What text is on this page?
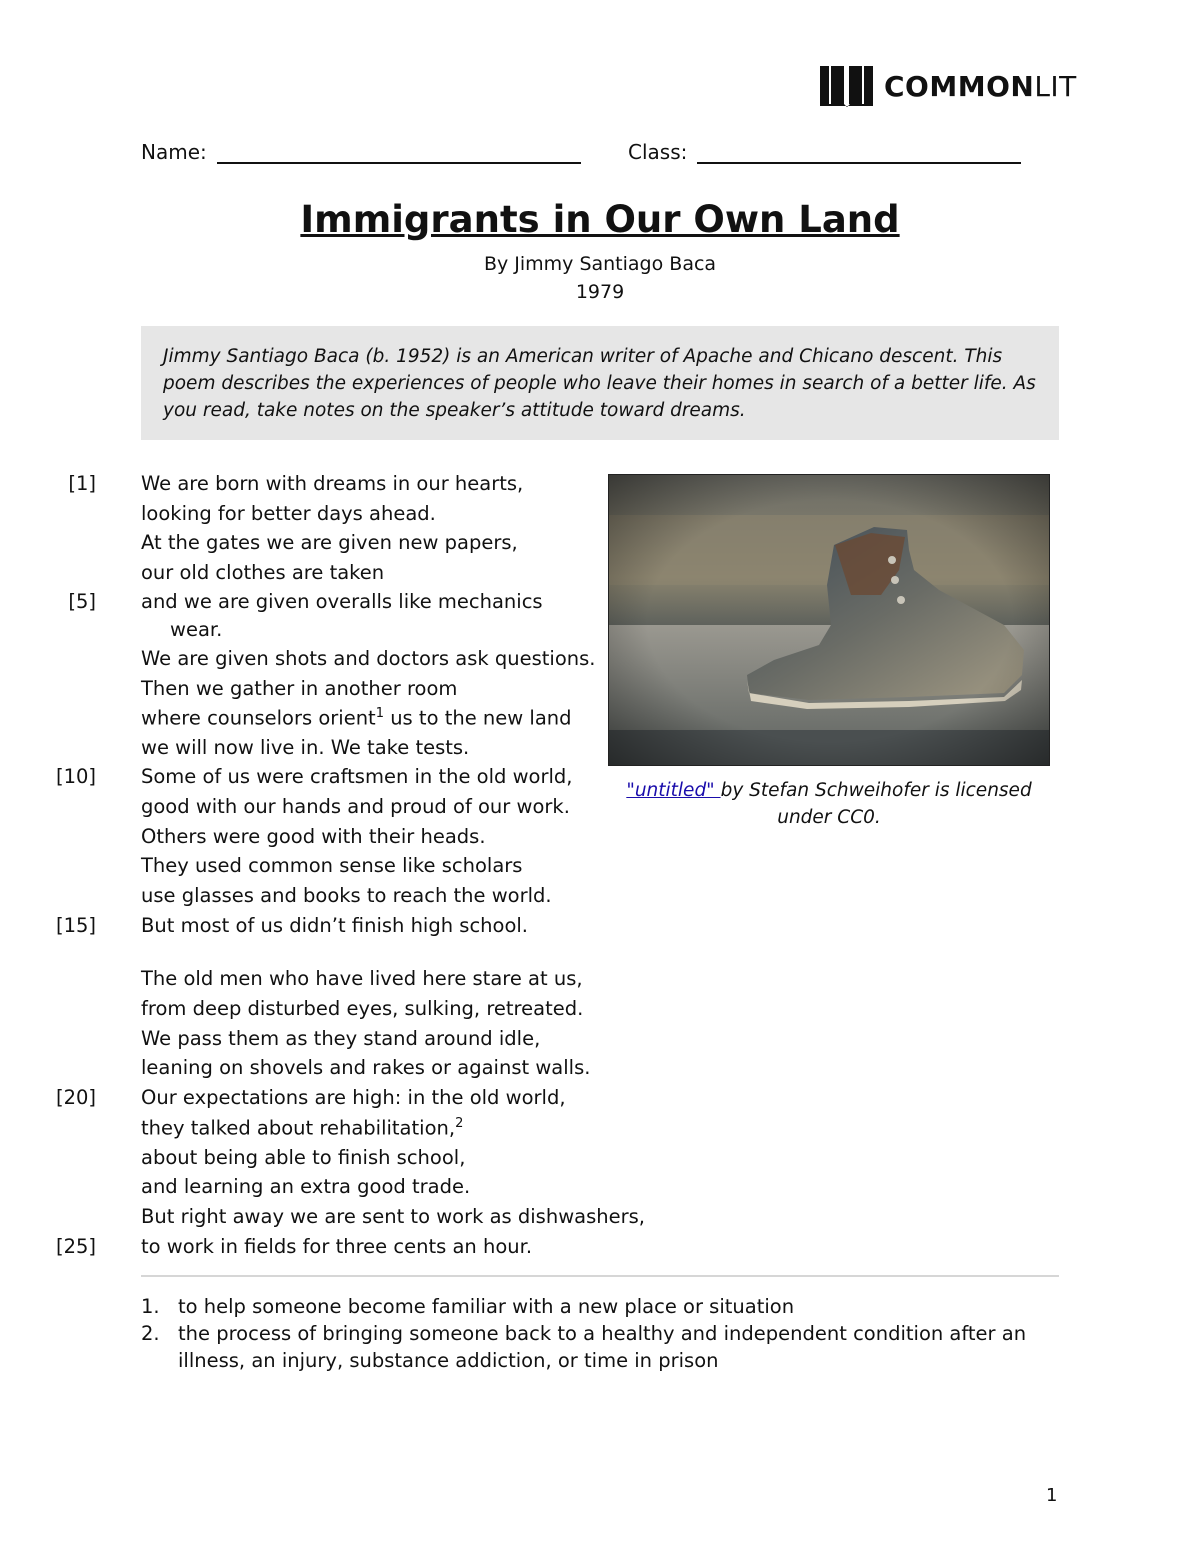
COMMONLIT
Name:	Class:
Immigrants in Our Own Land
By Jimmy Santiago Baca
1979
Jimmy Santiago Baca (b. 1952) is an American writer of Apache and Chicano descent. This poem describes the experiences of people who leave their homes in search of a better life. As you read, take notes on the speaker’s attitude toward dreams.
[1]
[5]
[10]
[15]
[20]
[25]
We are born with dreams in our hearts,
looking for better days ahead.
At the gates we are given new papers,
our old clothes are taken
and we are given overalls like mechanics
wear.
We are given shots and doctors ask questions.
Then we gather in another room
where counselors orient$^1$ us to the new land
we will now live in. We take tests.
Some of us were craftsmen in the old world,
good with our hands and proud of our work.
Others were good with their heads.
They used common sense like scholars
use glasses and books to reach the world.
But most of us didn’t finish high school.
The old men who have lived here stare at us,
from deep disturbed eyes, sulking, retreated.
We pass them as they stand around idle,
leaning on shovels and rakes or against walls.
Our expectations are high: in the old world,
they talked about rehabilitation,$^2$
about being able to finish school,
and learning an extra good trade.
But right away we are sent to work as dishwashers,
to work in fields for three cents an hour.
"untitled" by Stefan Schweihofer is licensed under CC0.
1. to help someone become familiar with a new place or situation
2. the process of bringing someone back to a healthy and independent condition after an illness, an injury, substance addiction, or time in prison
1
